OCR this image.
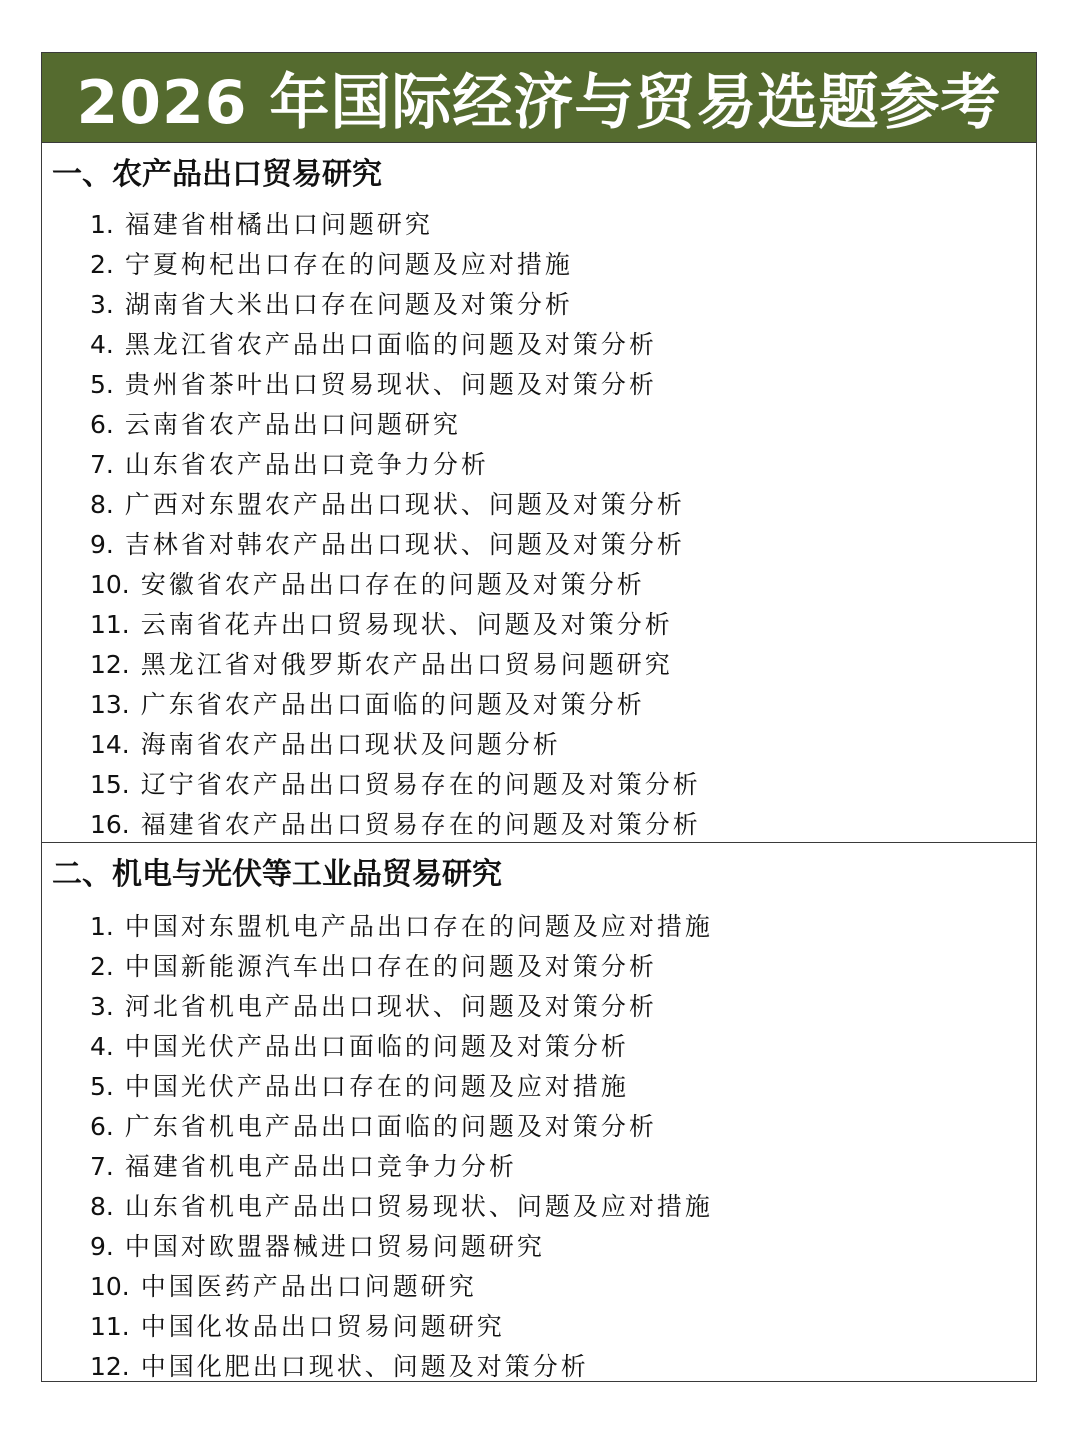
2026 年国际经济与贸易选题参考
一、农产品出口贸易研究
1. 福建省柑橘出口问题研究
2. 宁夏枸杞出口存在的问题及应对措施
3. 湖南省大米出口存在问题及对策分析
4. 黑龙江省农产品出口面临的问题及对策分析
5. 贵州省茶叶出口贸易现状、问题及对策分析
6. 云南省农产品出口问题研究
7. 山东省农产品出口竞争力分析
8. 广西对东盟农产品出口现状、问题及对策分析
9. 吉林省对韩农产品出口现状、问题及对策分析
10. 安徽省农产品出口存在的问题及对策分析
11. 云南省花卉出口贸易现状、问题及对策分析
12. 黑龙江省对俄罗斯农产品出口贸易问题研究
13. 广东省农产品出口面临的问题及对策分析
14. 海南省农产品出口现状及问题分析
15. 辽宁省农产品出口贸易存在的问题及对策分析
16. 福建省农产品出口贸易存在的问题及对策分析
二、机电与光伏等工业品贸易研究
1. 中国对东盟机电产品出口存在的问题及应对措施
2. 中国新能源汽车出口存在的问题及对策分析
3. 河北省机电产品出口现状、问题及对策分析
4. 中国光伏产品出口面临的问题及对策分析
5. 中国光伏产品出口存在的问题及应对措施
6. 广东省机电产品出口面临的问题及对策分析
7. 福建省机电产品出口竞争力分析
8. 山东省机电产品出口贸易现状、问题及应对措施
9. 中国对欧盟器械进口贸易问题研究
10. 中国医药产品出口问题研究
11. 中国化妆品出口贸易问题研究
12. 中国化肥出口现状、问题及对策分析
